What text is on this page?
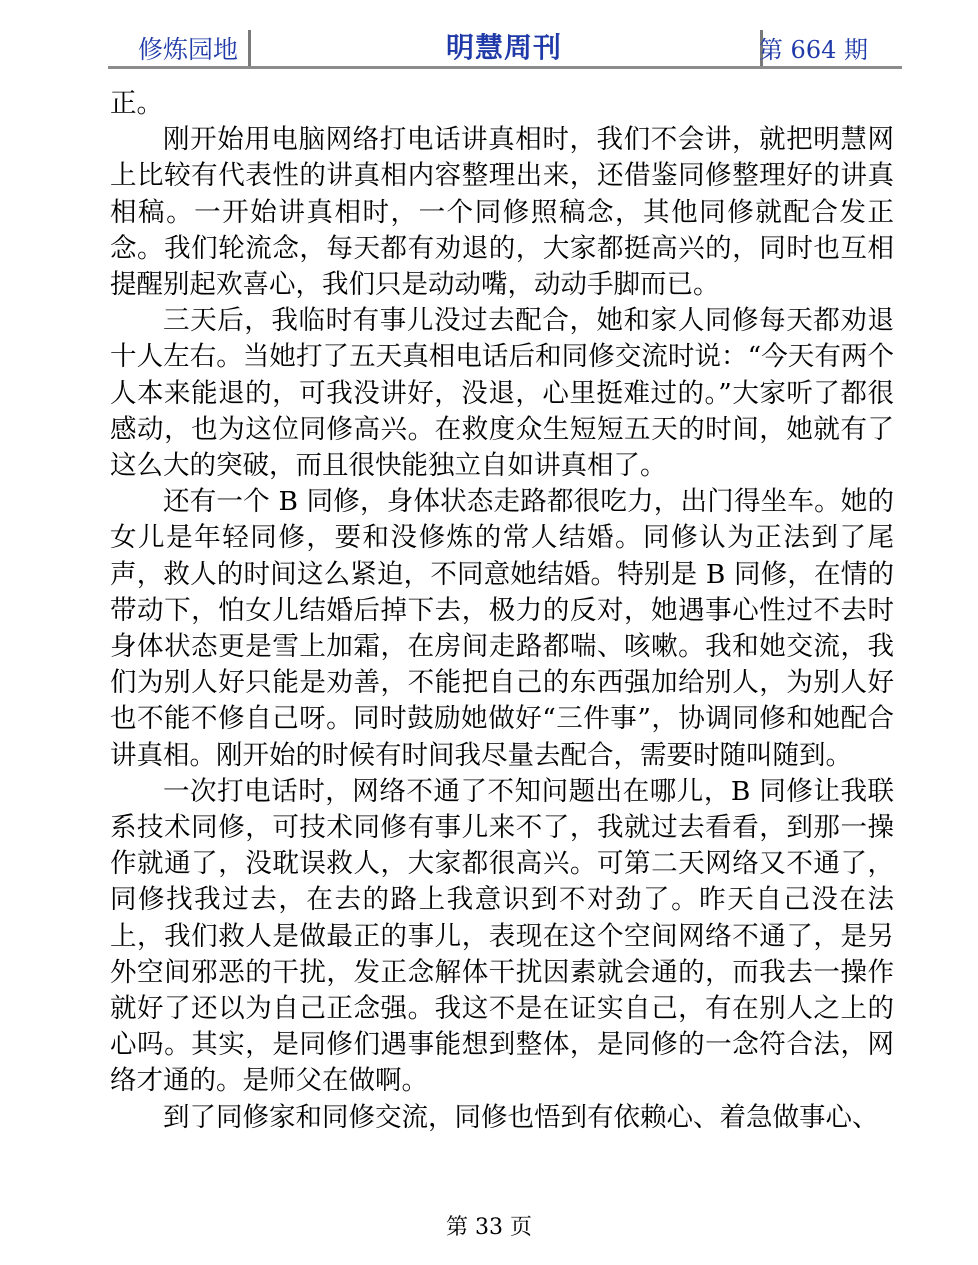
修炼园地	明慧周刊	第 664 期

正。

刚开始用电脑网络打电话讲真相时，我们不会讲，就把明慧网上比较有代表性的讲真相内容整理出来，还借鉴同修整理好的讲真相稿。一开始讲真相时，一个同修照稿念，其他同修就配合发正念。我们轮流念，每天都有劝退的，大家都挺高兴的，同时也互相提醒别起欢喜心，我们只是动动嘴，动动手脚而已。

三天后，我临时有事儿没过去配合，她和家人同修每天都劝退十人左右。当她打了五天真相电话后和同修交流时说：“今天有两个人本来能退的，可我没讲好，没退，心里挺难过的。”大家听了都很感动，也为这位同修高兴。在救度众生短短五天的时间，她就有了这么大的突破，而且很快能独立自如讲真相了。

还有一个 B 同修，身体状态走路都很吃力，出门得坐车。她的女儿是年轻同修，要和没修炼的常人结婚。同修认为正法到了尾声，救人的时间这么紧迫，不同意她结婚。特别是 B 同修，在情的带动下，怕女儿结婚后掉下去，极力的反对，她遇事心性过不去时身体状态更是雪上加霜，在房间走路都喘、咳嗽。我和她交流，我们为别人好只能是劝善，不能把自己的东西强加给别人，为别人好也不能不修自己呀。同时鼓励她做好“三件事”，协调同修和她配合讲真相。刚开始的时候有时间我尽量去配合，需要时随叫随到。

一次打电话时，网络不通了不知问题出在哪儿，B 同修让我联系技术同修，可技术同修有事儿来不了，我就过去看看，到那一操作就通了，没耽误救人，大家都很高兴。可第二天网络又不通了，同修找我过去，在去的路上我意识到不对劲了。昨天自己没在法上，我们救人是做最正的事儿，表现在这个空间网络不通了，是另外空间邪恶的干扰，发正念解体干扰因素就会通的，而我去一操作就好了还以为自己正念强。我这不是在证实自己，有在别人之上的心吗。其实，是同修们遇事能想到整体，是同修的一念符合法，网络才通的。是师父在做啊。

到了同修家和同修交流，同修也悟到有依赖心、着急做事心、

第 33 页
